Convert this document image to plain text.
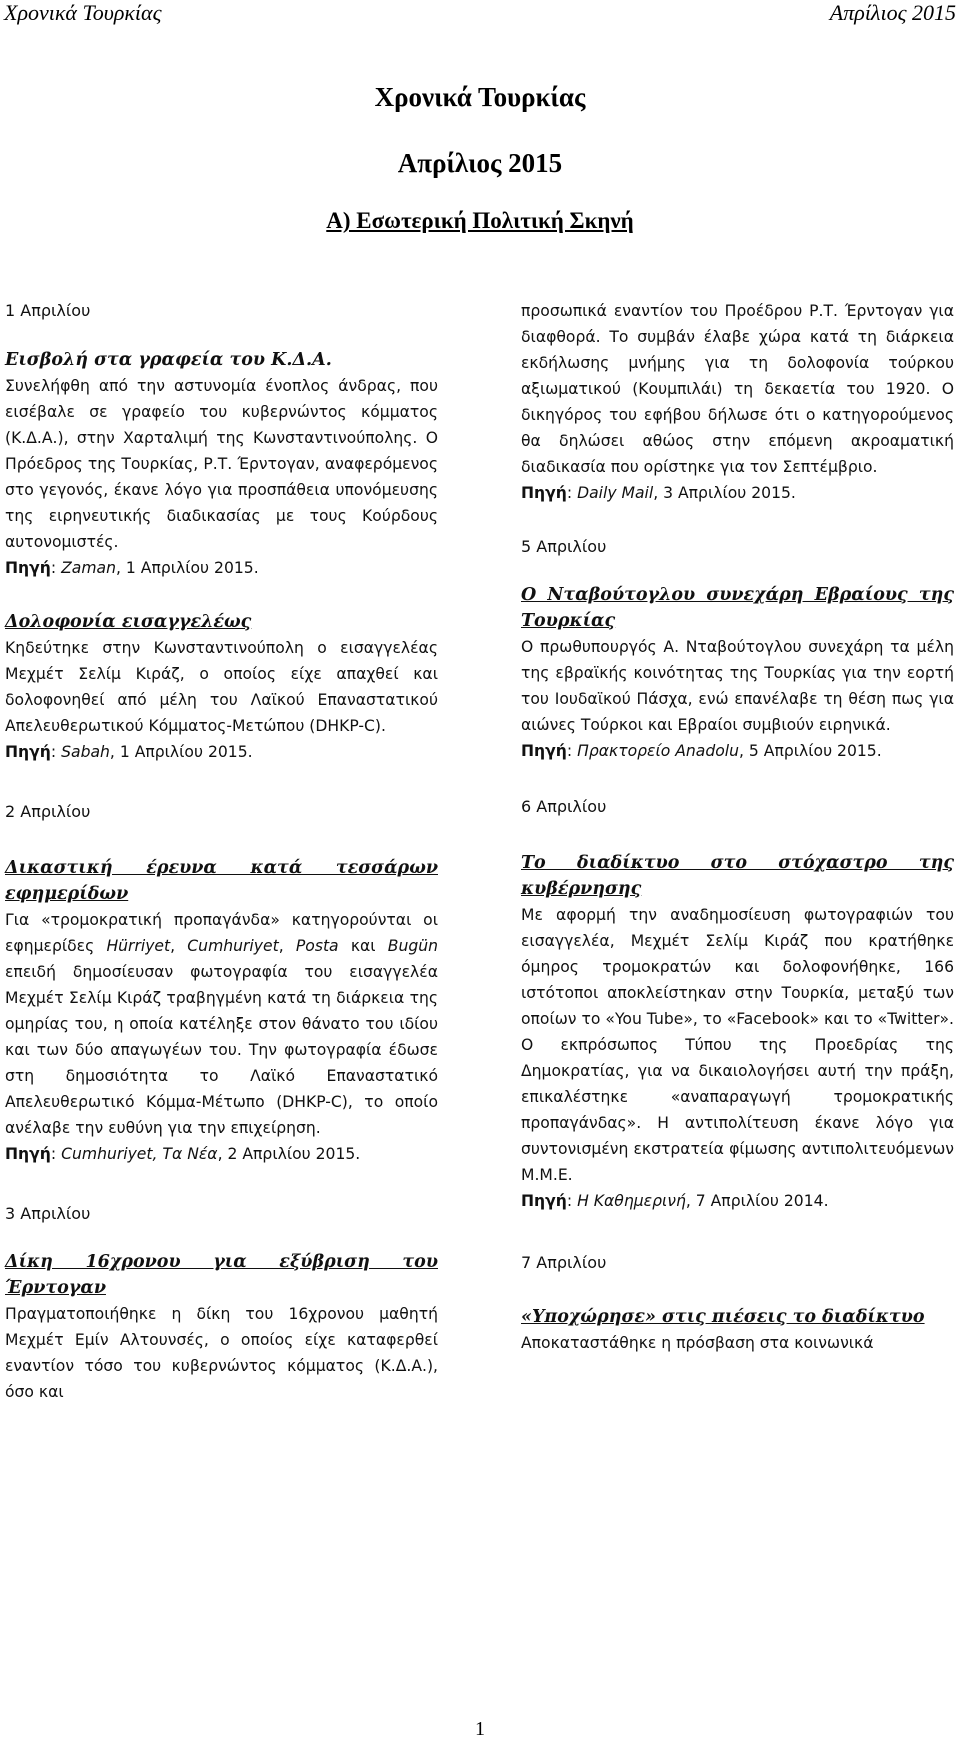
Χρονικά Τουρκίας	Απρίλιος 2015
Χρονικά Τουρκίας
Απρίλιος 2015
Α) Εσωτερική Πολιτική Σκηνή

1 Απριλίου

Εισβολή στα γραφεία του Κ.Δ.Α.

Συνελήφθη από την αστυνομία ένοπλος άνδρας, που εισέβαλε σε γραφείο του κυβερνώντος κόμματος (Κ.Δ.Α.), στην Χαρταλιμή της Κωνσταντινούπολης. Ο Πρόεδρος της Τουρκίας, Ρ.Τ. Έρντογαν, αναφερόμενος στο γεγονός, έκανε λόγο για προσπάθεια υπονόμευσης της ειρηνευτικής διαδικασίας με τους Κούρδους αυτονομιστές.

Πηγή: Zaman, 1 Απριλίου 2015.

Δολοφονία εισαγγελέως

Κηδεύτηκε στην Κωνσταντινούπολη ο εισαγγελέας Μεχμέτ Σελίμ Κιράζ, ο οποίος είχε απαχθεί και δολοφονηθεί από μέλη του Λαϊκού Επαναστατικού Απελευθερωτικού Κόμματος-Μετώπου (DHKP-C).

Πηγή: Sabah, 1 Απριλίου 2015.

2 Απριλίου

Δικαστική έρευνα κατά τεσσάρων εφημερίδων

Για «τρομοκρατική προπαγάνδα» κατηγορούνται οι εφημερίδες Hürriyet, Cumhuriyet, Posta και Bugün επειδή δημοσίευσαν φωτογραφία του εισαγγελέα Μεχμέτ Σελίμ Κιράζ τραβηγμένη κατά τη διάρκεια της ομηρίας του, η οποία κατέληξε στον θάνατο του ιδίου και των δύο απαγωγέων του. Την φωτογραφία έδωσε στη δημοσιότητα το Λαϊκό Επαναστατικό Απελευθερωτικό Κόμμα-Μέτωπο (DHKP-C), το οποίο ανέλαβε την ευθύνη για την επιχείρηση.

Πηγή: Cumhuriyet, Τα Νέα, 2 Απριλίου 2015.

3 Απριλίου

Δίκη 16χρονου για εξύβριση του Έρντογαν

Πραγματοποιήθηκε η δίκη του 16χρονου μαθητή Μεχμέτ Εμίν Αλτουνσές, ο οποίος είχε καταφερθεί εναντίον τόσο του κυβερνώντος κόμματος (Κ.Δ.Α.), όσο και

προσωπικά εναντίον του Προέδρου Ρ.Τ. Έρντογαν για διαφθορά. Το συμβάν έλαβε χώρα κατά τη διάρκεια εκδήλωσης μνήμης για τη δολοφονία τούρκου αξιωματικού (Κουμπιλάι) τη δεκαετία του 1920. Ο δικηγόρος του εφήβου δήλωσε ότι ο κατηγορούμενος θα δηλώσει αθώος στην επόμενη ακροαματική διαδικασία που ορίστηκε για τον Σεπτέμβριο.

Πηγή: Daily Mail, 3 Απριλίου 2015.

5 Απριλίου

Ο Νταβούτογλου συνεχάρη Εβραίους της Τουρκίας

Ο πρωθυπουργός Α. Νταβούτογλου συνεχάρη τα μέλη της εβραϊκής κοινότητας της Τουρκίας για την εορτή του Ιουδαϊκού Πάσχα, ενώ επανέλαβε τη θέση πως για αιώνες Τούρκοι και Εβραίοι συμβιούν ειρηνικά.

Πηγή: Πρακτορείο Anadolu, 5 Απριλίου 2015.

6 Απριλίου

Το διαδίκτυο στο στόχαστρο της κυβέρνησης

Με αφορμή την αναδημοσίευση φωτογραφιών του εισαγγελέα, Μεχμέτ Σελίμ Κιράζ που κρατήθηκε όμηρος τρομοκρατών και δολοφονήθηκε, 166 ιστότοποι αποκλείστηκαν στην Τουρκία, μεταξύ των οποίων το «You Tube», το «Facebook» και το «Twitter». Ο εκπρόσωπος Τύπου της Προεδρίας της Δημοκρατίας, για να δικαιολογήσει αυτή την πράξη, επικαλέστηκε «αναπαραγωγή τρομοκρατικής προπαγάνδας». Η αντιπολίτευση έκανε λόγο για συντονισμένη εκστρατεία φίμωσης αντιπολιτευόμενων Μ.Μ.Ε.

Πηγή: Η Καθημερινή, 7 Απριλίου 2014.

7 Απριλίου

«Υποχώρησε» στις πιέσεις το διαδίκτυο

Αποκαταστάθηκε η πρόσβαση στα κοινωνικά

1
